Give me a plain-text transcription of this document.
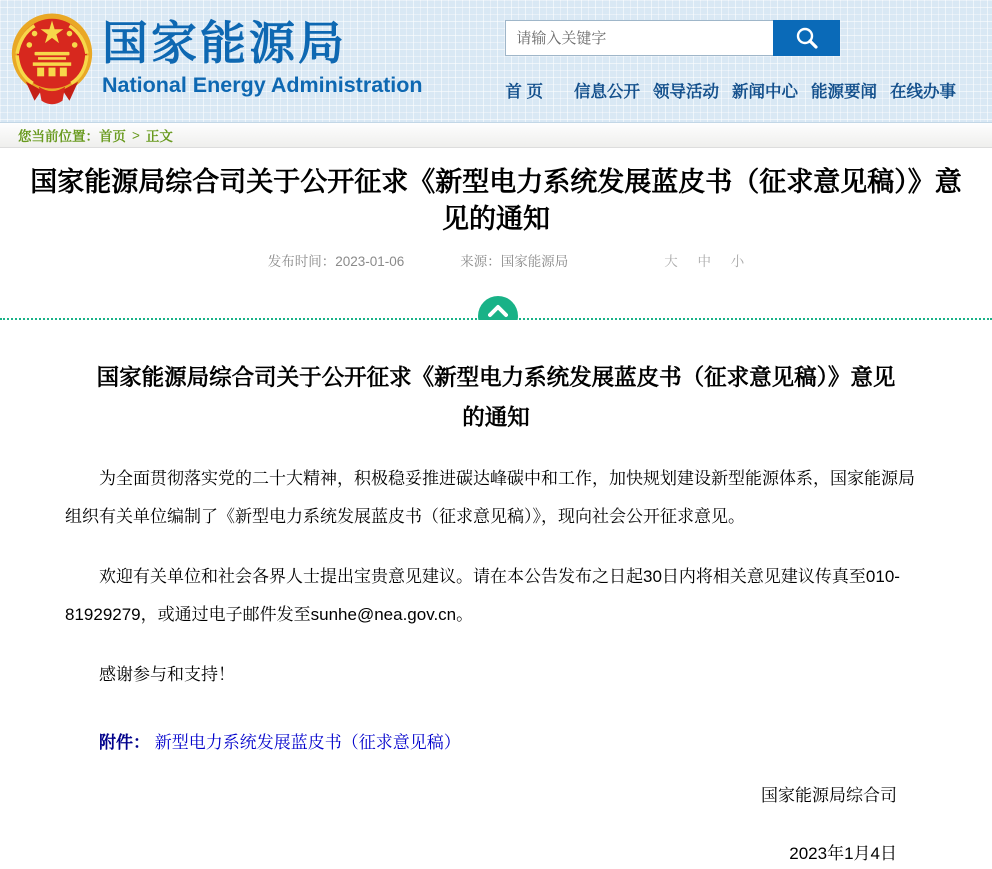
国家能源局
National Energy Administration
请输入关键字	首 页 信息公开 领导活动 新闻中心 能源要闻 在线办事
您当前位置： 首页 > 正文
国家能源局综合司关于公开征求《新型电力系统发展蓝皮书（征求意见稿）》意见的通知
发布时间：2023-01-06	来源：国家能源局	大 中 小
国家能源局综合司关于公开征求《新型电力系统发展蓝皮书（征求意见稿）》意见的通知

为全面贯彻落实党的二十大精神，积极稳妥推进碳达峰碳中和工作，加快规划建设新型能源体系，国家能源局组织有关单位编制了《新型电力系统发展蓝皮书（征求意见稿）》，现向社会公开征求意见。

欢迎有关单位和社会各界人士提出宝贵意见建议。请在本公告发布之日起30日内将相关意见建议传真至010-81929279，或通过电子邮件发至sunhe@nea.gov.cn。

感谢参与和支持！

附件： 新型电力系统发展蓝皮书（征求意见稿）
国家能源局综合司
2023年1月4日
